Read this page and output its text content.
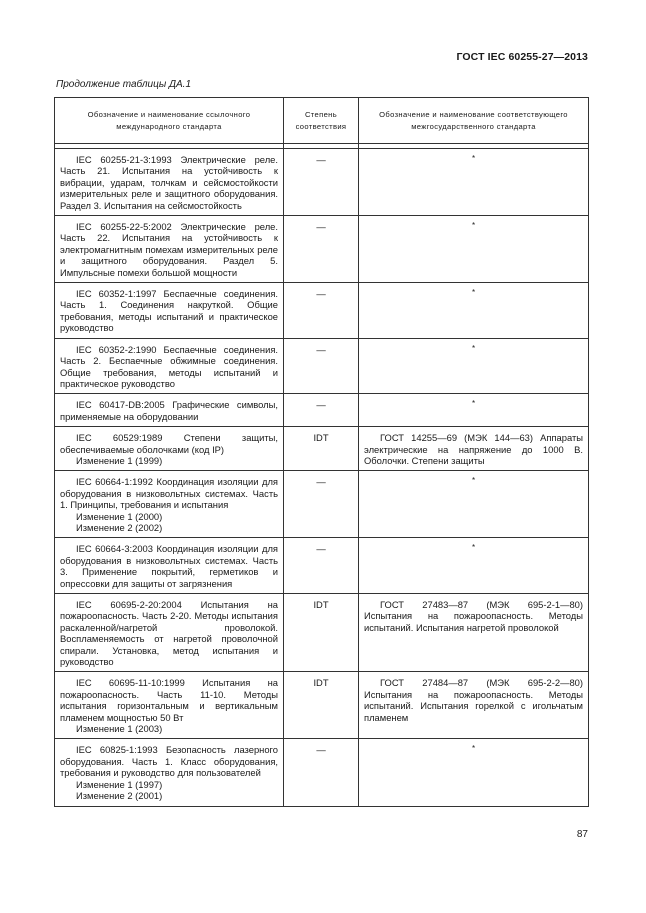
ГОСТ IEC 60255-27—2013
Продолжение таблицы ДА.1
Обозначение и наименование ссылочного международного стандарта	Степень соответствия	Обозначение и наименование соответствующего межгосударственного стандарта

IEC 60255-21-3:1993 Электрические реле. Часть 21. Испытания на устойчивость к вибрации, ударам, толчкам и сейсмостойкости измерительных реле и защитного оборудования. Раздел 3. Испытания на сейсмостойкость	—	*

IEC 60255-22-5:2002 Электрические реле. Часть 22. Испытания на устойчивость к электромагнитным помехам измерительных реле и защитного оборудования. Раздел 5. Импульсные помехи большой мощности	—	*

IEC 60352-1:1997 Беспаечные соединения. Часть 1. Соединения накруткой. Общие требования, методы испытаний и практическое руководство	—	*

IEC 60352-2:1990 Беспаечные соединения. Часть 2. Беспаечные обжимные соединения. Общие требования, методы испытаний и практическое руководство	—	*

IEC 60417-DB:2005 Графические символы, применяемые на оборудовании	—	*

IEC 60529:1989 Степени защиты, обеспечиваемые оболочками (код IP)
Изменение 1 (1999)	IDT	ГОСТ 14255—69 (МЭК 144—63) Аппараты электрические на напряжение до 1000 В. Оболочки. Степени защиты

IEC 60664-1:1992 Координация изоляции для оборудования в низковольтных системах. Часть 1. Принципы, требования и испытания
Изменение 1 (2000)
Изменение 2 (2002)	—	*

IEC 60664-3:2003 Координация изоляции для оборудования в низковольтных системах. Часть 3. Применение покрытий, герметиков и опрессовки для защиты от загрязнения	—	*

IEC 60695-2-20:2004 Испытания на пожароопасность. Часть 2-20. Методы испытания раскаленной/нагретой проволокой. Воспламеняемость от нагретой проволочной спирали. Установка, метод испытания и руководство	IDT	ГОСТ 27483—87 (МЭК 695-2-1—80) Испытания на пожароопасность. Методы испытаний. Испытания нагретой проволокой

IEC 60695-11-10:1999 Испытания на пожароопасность. Часть 11-10. Методы испытания горизонтальным и вертикальным пламенем мощностью 50 Вт
Изменение 1 (2003)	IDT	ГОСТ 27484—87 (МЭК 695-2-2—80) Испытания на пожароопасность. Методы испытаний. Испытания горелкой с игольчатым пламенем

IEC 60825-1:1993 Безопасность лазерного оборудования. Часть 1. Класс оборудования, требования и руководство для пользователей
Изменение 1 (1997)
Изменение 2 (2001)	—	*
87
